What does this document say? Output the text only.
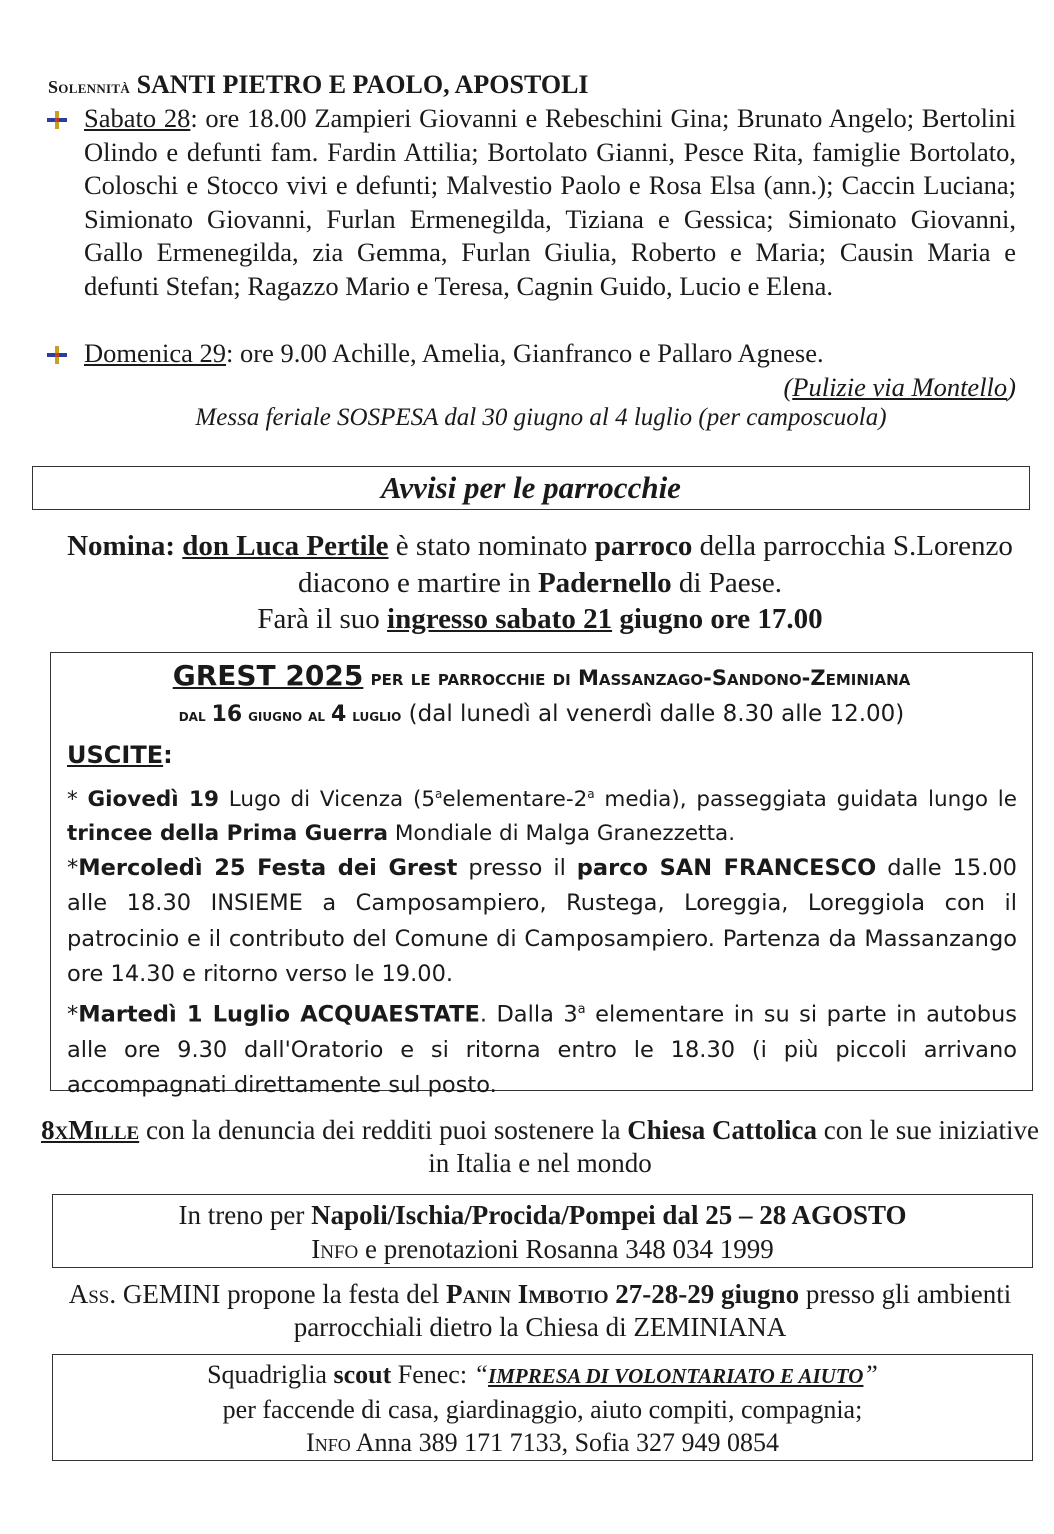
Solennità SANTI PIETRO E PAOLO, APOSTOLI
Sabato 28: ore 18.00 Zampieri Giovanni e Rebeschini Gina; Brunato Angelo; Bertolini Olindo e defunti fam. Fardin Attilia; Bortolato Gianni, Pesce Rita, famiglie Bortolato, Coloschi e Stocco vivi e defunti; Malvestio Paolo e Rosa Elsa (ann.); Caccin Luciana; Simionato Giovanni, Furlan Ermenegilda, Tiziana e Gessica; Simionato Giovanni, Gallo Ermenegilda, zia Gemma, Furlan Giulia, Roberto e Maria; Causin Maria e defunti Stefan; Ragazzo Mario e Teresa, Cagnin Guido, Lucio e Elena.
Domenica 29: ore 9.00 Achille, Amelia, Gianfranco e Pallaro Agnese.
(Pulizie via Montello)
Messa feriale SOSPESA dal 30 giugno al 4 luglio (per camposcuola)
Avvisi per le parrocchie
Nomina: don Luca Pertile è stato nominato parroco della parrocchia S.Lorenzo diacono e martire in Padernello di Paese.
Farà il suo ingresso sabato 21 giugno ore 17.00
GREST 2025 per le parrocchie di Massanzago-Sandono-Zeminiana
dal 16 giugno al 4 luglio (dal lunedì al venerdì dalle 8.30 alle 12.00)
USCITE:

* Giovedì 19 Lugo di Vicenza (5$^a$elementare-2$^a$ media), passeggiata guidata lungo le trincee della Prima Guerra Mondiale di Malga Granezzetta.

*Mercoledì 25 Festa dei Grest presso il parco SAN FRANCESCO dalle 15.00 alle 18.30 INSIEME a Camposampiero, Rustega, Loreggia, Loreggiola con il patrocinio e il contributo del Comune di Camposampiero. Partenza da Massanzango ore 14.30 e ritorno verso le 19.00.

*Martedì 1 Luglio ACQUAESTATE. Dalla 3$^a$ elementare in su si parte in autobus alle ore 9.30 dall'Oratorio e si ritorna entro le 18.30 (i più piccoli arrivano accompagnati direttamente sul posto.

8xMille con la denuncia dei redditi puoi sostenere la Chiesa Cattolica con le sue iniziative in Italia e nel mondo
In treno per Napoli/Ischia/Procida/Pompei dal 25 – 28 AGOSTO
Info e prenotazioni Rosanna 348 034 1999
Ass. GEMINI propone la festa del Panin Imbotio 27-28-29 giugno presso gli ambienti parrocchiali dietro la Chiesa di ZEMINIANA
Squadriglia scout Fenec: “IMPRESA DI VOLONTARIATO E AIUTO”
per faccende di casa, giardinaggio, aiuto compiti, compagnia;
Info Anna 389 171 7133, Sofia 327 949 0854
